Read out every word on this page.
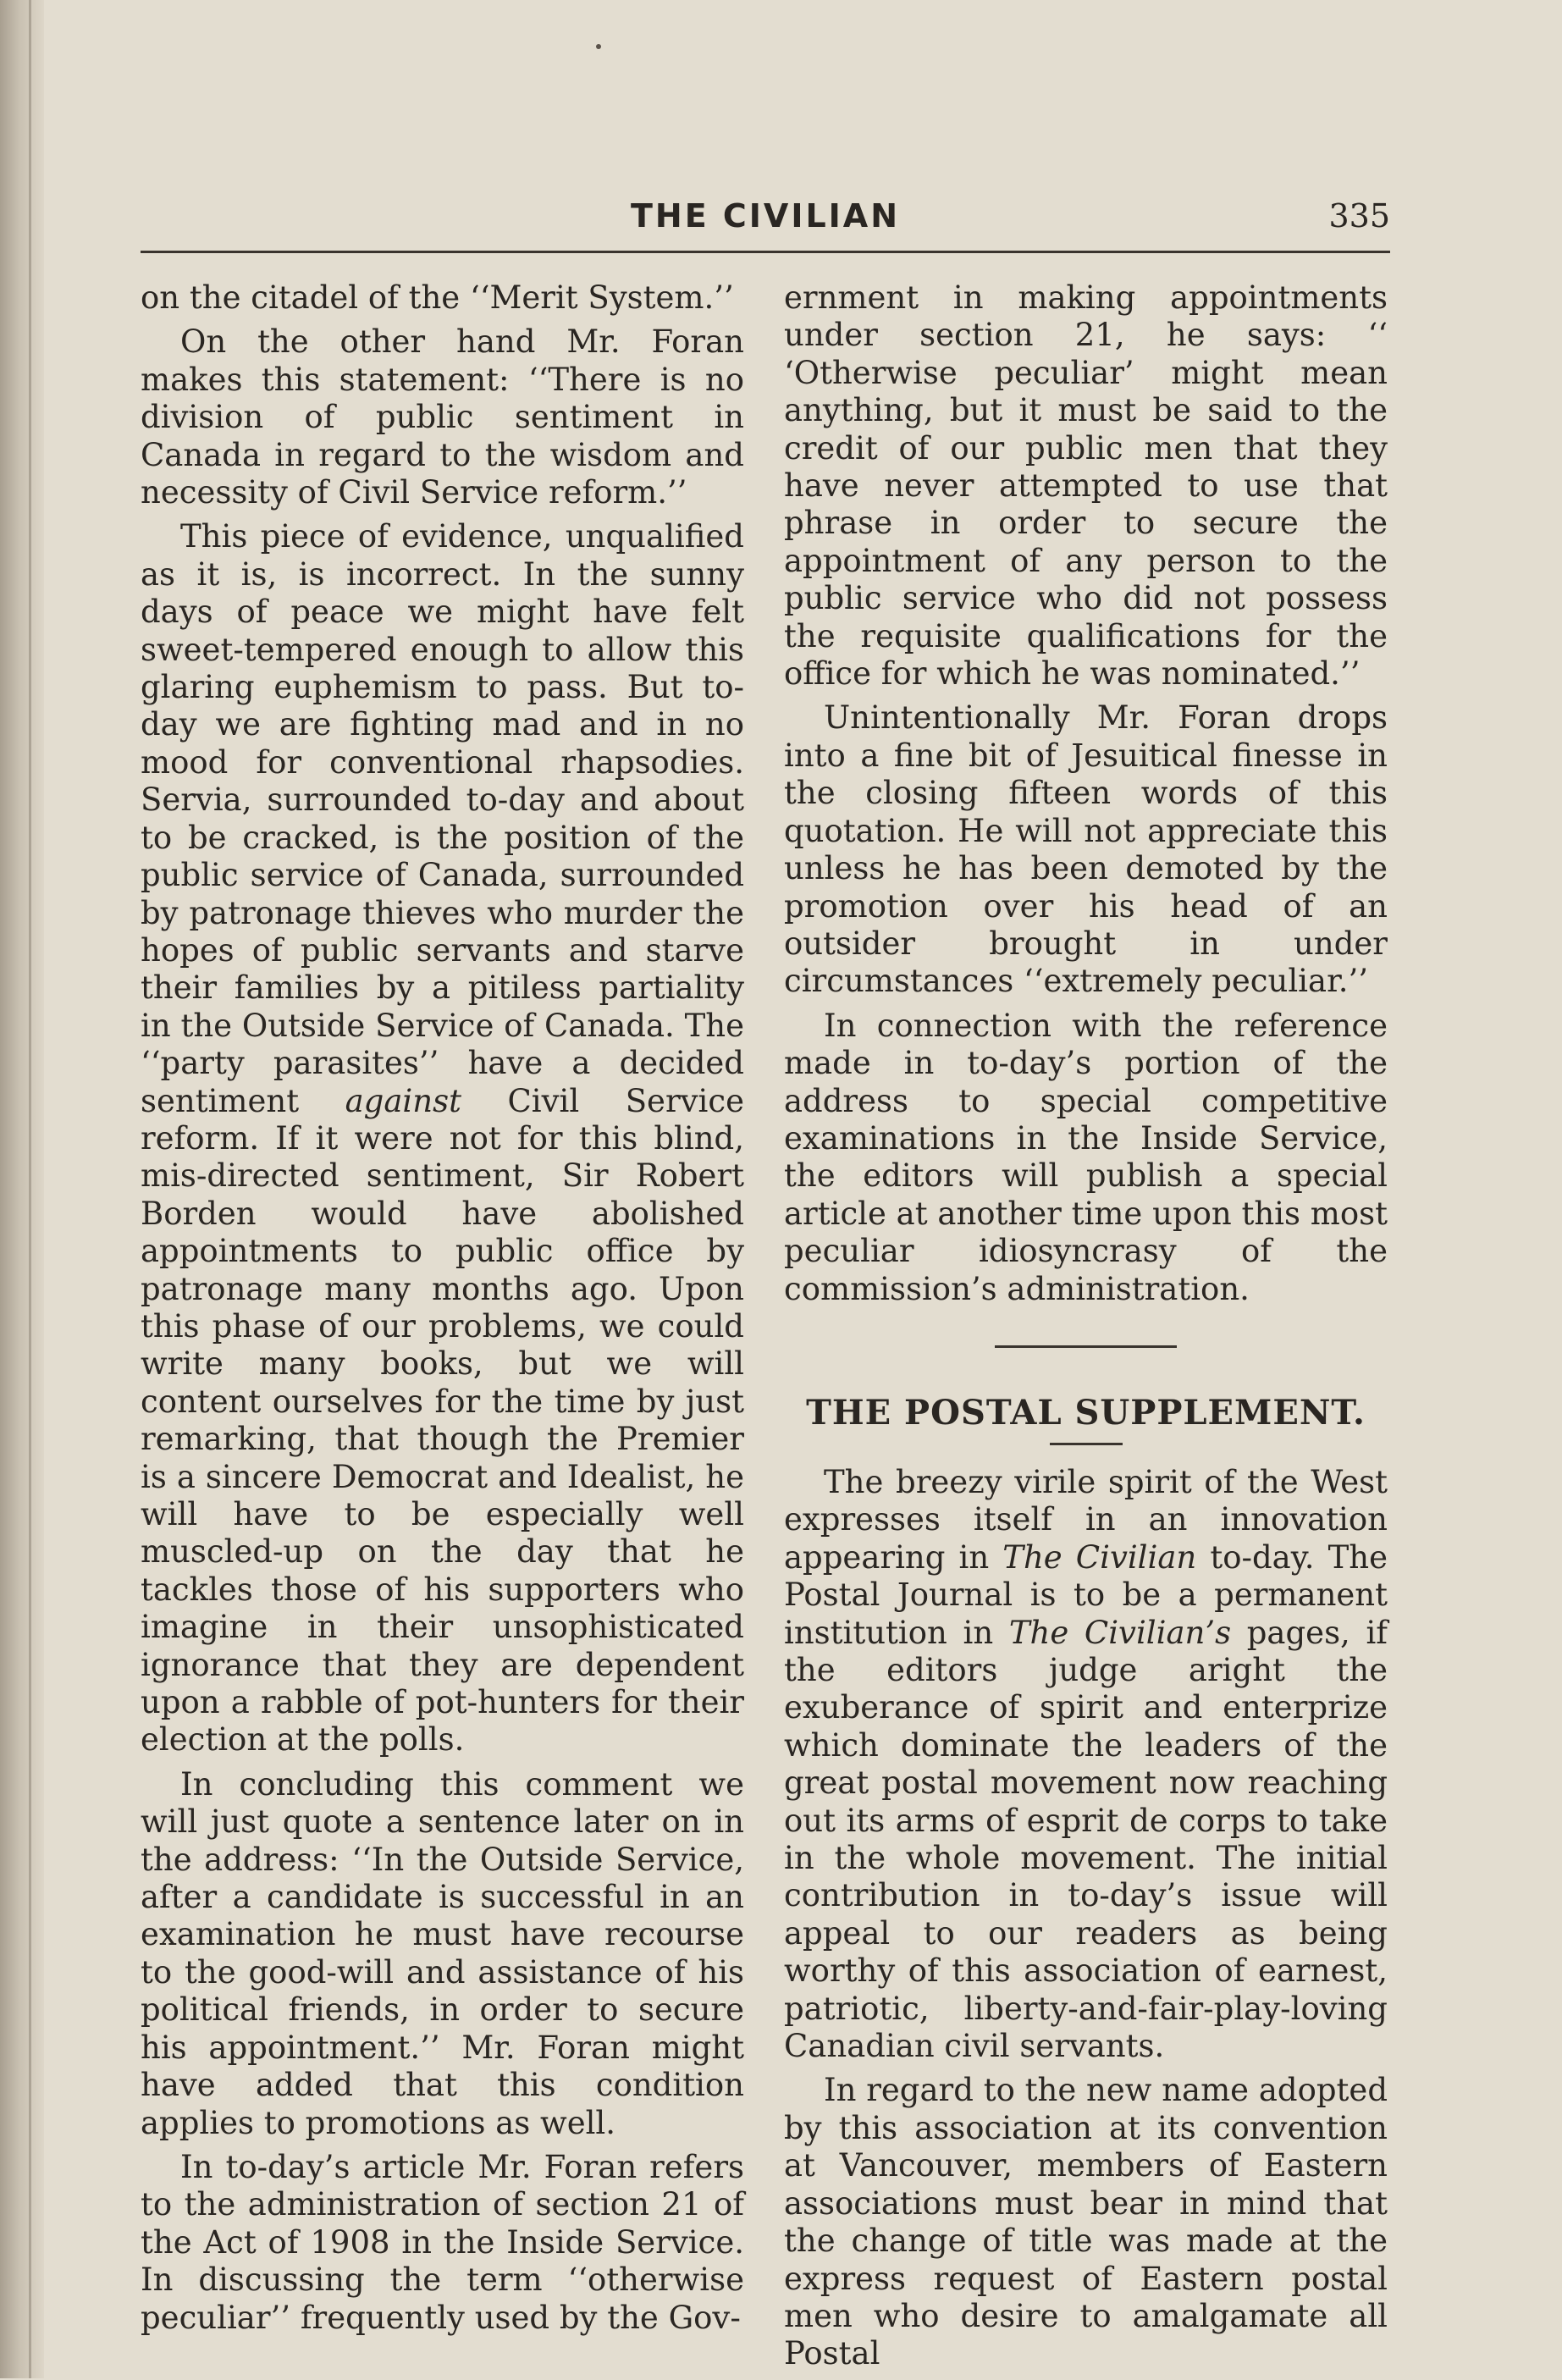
THE CIVILIAN	335

on the citadel of the ‘‘Merit System.’’

On the other hand Mr. Foran makes this statement: ‘‘There is no division of public sentiment in Canada in regard to the wisdom and necessity of Civil Service reform.’’

This piece of evidence, unqualified as it is, is incorrect. In the sunny days of peace we might have felt sweet-tempered enough to allow this glaring euphemism to pass. But to-day we are fighting mad and in no mood for conventional rhapsodies. Servia, surrounded to-day and about to be cracked, is the position of the public service of Canada, surrounded by patronage thieves who murder the hopes of public servants and starve their families by a pitiless partiality in the Outside Service of Canada. The ‘‘party parasites’’ have a decided sentiment against Civil Service reform. If it were not for this blind, mis-directed sentiment, Sir Robert Borden would have abolished appointments to public office by patronage many months ago. Upon this phase of our problems, we could write many books, but we will content ourselves for the time by just remarking, that though the Premier is a sincere Democrat and Idealist, he will have to be especially well muscled-up on the day that he tackles those of his supporters who imagine in their unsophisticated ignorance that they are dependent upon a rabble of pot-hunters for their election at the polls.

In concluding this comment we will just quote a sentence later on in the address: ‘‘In the Outside Service, after a candidate is successful in an examination he must have recourse to the good-will and assistance of his political friends, in order to secure his appointment.’’ Mr. Foran might have added that this condition applies to promotions as well.

In to-day’s article Mr. Foran refers to the administration of section 21 of the Act of 1908 in the Inside Service. In discussing the term ‘‘otherwise peculiar’’ frequently used by the Gov-

ernment in making appointments under section 21, he says: ‘‘ ‘Otherwise peculiar’ might mean anything, but it must be said to the credit of our public men that they have never attempted to use that phrase in order to secure the appointment of any person to the public service who did not possess the requisite qualifications for the office for which he was nominated.’’

Unintentionally Mr. Foran drops into a fine bit of Jesuitical finesse in the closing fifteen words of this quotation. He will not appreciate this unless he has been demoted by the promotion over his head of an outsider brought in under circumstances ‘‘extremely peculiar.’’

In connection with the reference made in to-day’s portion of the address to special competitive examinations in the Inside Service, the editors will publish a special article at another time upon this most peculiar idiosyncrasy of the commission’s administration.

THE POSTAL SUPPLEMENT.

The breezy virile spirit of the West expresses itself in an innovation appearing in The Civilian to-day. The Postal Journal is to be a permanent institution in The Civilian’s pages, if the editors judge aright the exuberance of spirit and enterprize which dominate the leaders of the great postal movement now reaching out its arms of esprit de corps to take in the whole movement. The initial contribution in to-day’s issue will appeal to our readers as being worthy of this association of earnest, patriotic, liberty-and-fair-play-loving Canadian civil servants.

In regard to the new name adopted by this association at its convention at Vancouver, members of Eastern associations must bear in mind that the change of title was made at the express request of Eastern postal men who desire to amalgamate all Postal
